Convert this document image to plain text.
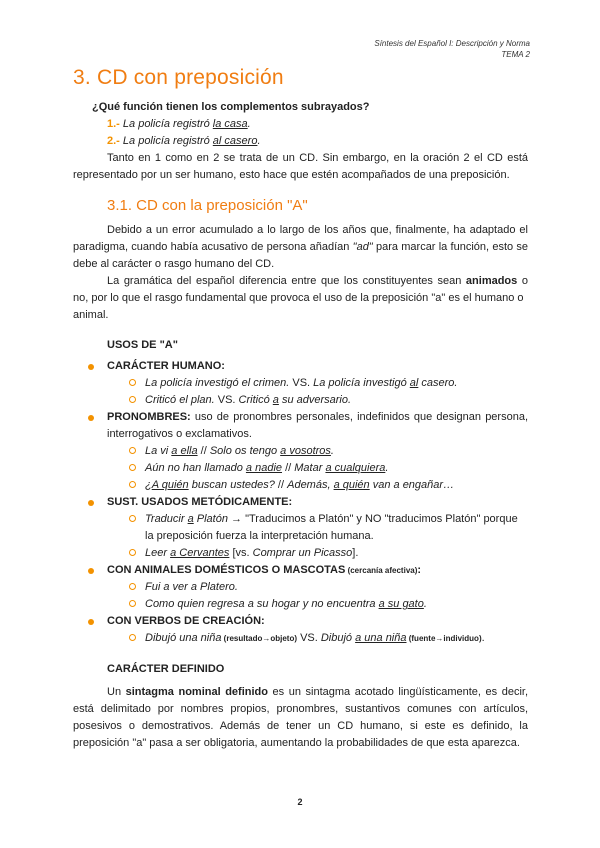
Síntesis del Español I: Descripción y Norma
TEMA 2
3. CD con preposición
¿Qué función tienen los complementos subrayados?
1.- La policía registró la casa.
2.- La policía registró al casero.
Tanto en 1 como en 2 se trata de un CD. Sin embargo, en la oración 2 el CD está
representado por un ser humano, esto hace que estén acompañados de una preposición.
3.1. CD con la preposición "A"
Debido a un error acumulado a lo largo de los años que, finalmente, ha adaptado el
paradigma, cuando había acusativo de persona añadían "ad" para marcar la función, esto se
debe al carácter o rasgo humano del CD.
La gramática del español diferencia entre que los constituyentes sean animados o
no, por lo que el rasgo fundamental que provoca el uso de la preposición "a" es el humano o
animal.
USOS DE "A"
CARÁCTER HUMANO:
La policía investigó el crimen. VS. La policía investigó al casero.
Criticó el plan. VS. Criticó a su adversario.
PRONOMBRES: uso de pronombres personales, indefinidos que designan persona,
interrogativos o exclamativos.
La vi a ella // Solo os tengo a vosotros.
Aún no han llamado a nadie // Matar a cualquiera.
¿A quién buscan ustedes? // Además, a quién van a engañar…
SUST. USADOS METÓDICAMENTE:
Traducir a Platón → "Traducimos a Platón" y NO "traducimos Platón" porque
la preposición fuerza la interpretación humana.
Leer a Cervantes [vs. Comprar un Picasso].
CON ANIMALES DOMÉSTICOS O MASCOTAS (cercanía afectiva):
Fui a ver a Platero.
Como quien regresa a su hogar y no encuentra a su gato.
CON VERBOS DE CREACIÓN:
Dibujó una niña (resultado→objeto) VS. Dibujó a una niña (fuente→individuo).
CARÁCTER DEFINIDO
Un sintagma nominal definido es un sintagma acotado lingüísticamente, es decir,
está delimitado por nombres propios, pronombres, sustantivos comunes con artículos,
posesivos o demostrativos. Además de tener un CD humano, si este es definido, la
preposición "a" pasa a ser obligatoria, aumentando la probabilidades de que esta aparezca.
2
